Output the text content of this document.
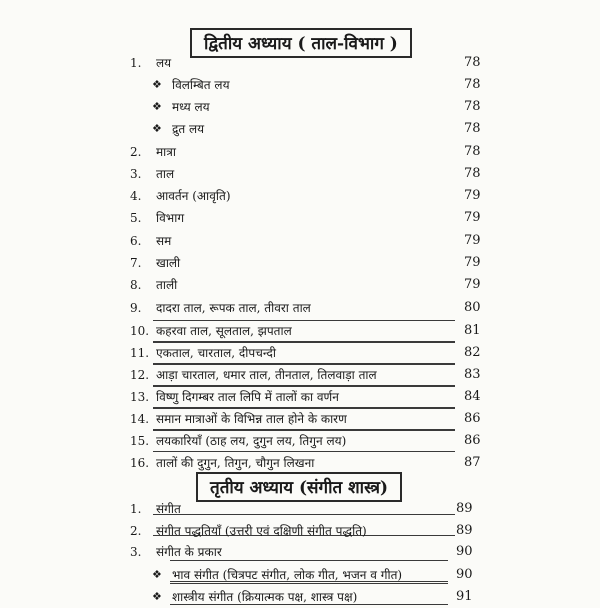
द्वितीय अध्याय ( ताल-विभाग )
1. लय	78
❖ विलम्बित लय	78
❖ मध्य लय	78
❖ द्रुत लय	78
2. मात्रा	78
3. ताल	78
4. आवर्तन (आवृति)	79
5. विभाग	79
6. सम	79
7. खाली	79
8. ताली	79
9. दादरा ताल, रूपक ताल, तीवरा ताल	80
10. कहरवा ताल, सूलताल, झपताल	81
11. एकताल, चारताल, दीपचन्दी	82
12. आड़ा चारताल, धमार ताल, तीनताल, तिलवाड़ा ताल	83
13. विष्णु दिगम्बर ताल लिपि में तालों का वर्णन	84
14. समान मात्राओं के विभिन्न ताल होने के कारण	86
15. लयकारियाँ (ठाह लय, दुगुन लय, तिगुन लय)	86
16. तालों की दुगुन, तिगुन, चौगुन लिखना	87
तृतीय अध्याय (संगीत शास्त्र)
1. संगीत	89
2. संगीत पद्धतियाँ (उत्तरी एवं दक्षिणी संगीत पद्धति)	89
3. संगीत के प्रकार	90
❖ भाव संगीत (चित्रपट संगीत, लोक गीत, भजन व गीत)	90
❖ शास्त्रीय संगीत (क्रियात्मक पक्ष, शास्त्र पक्ष)	91
